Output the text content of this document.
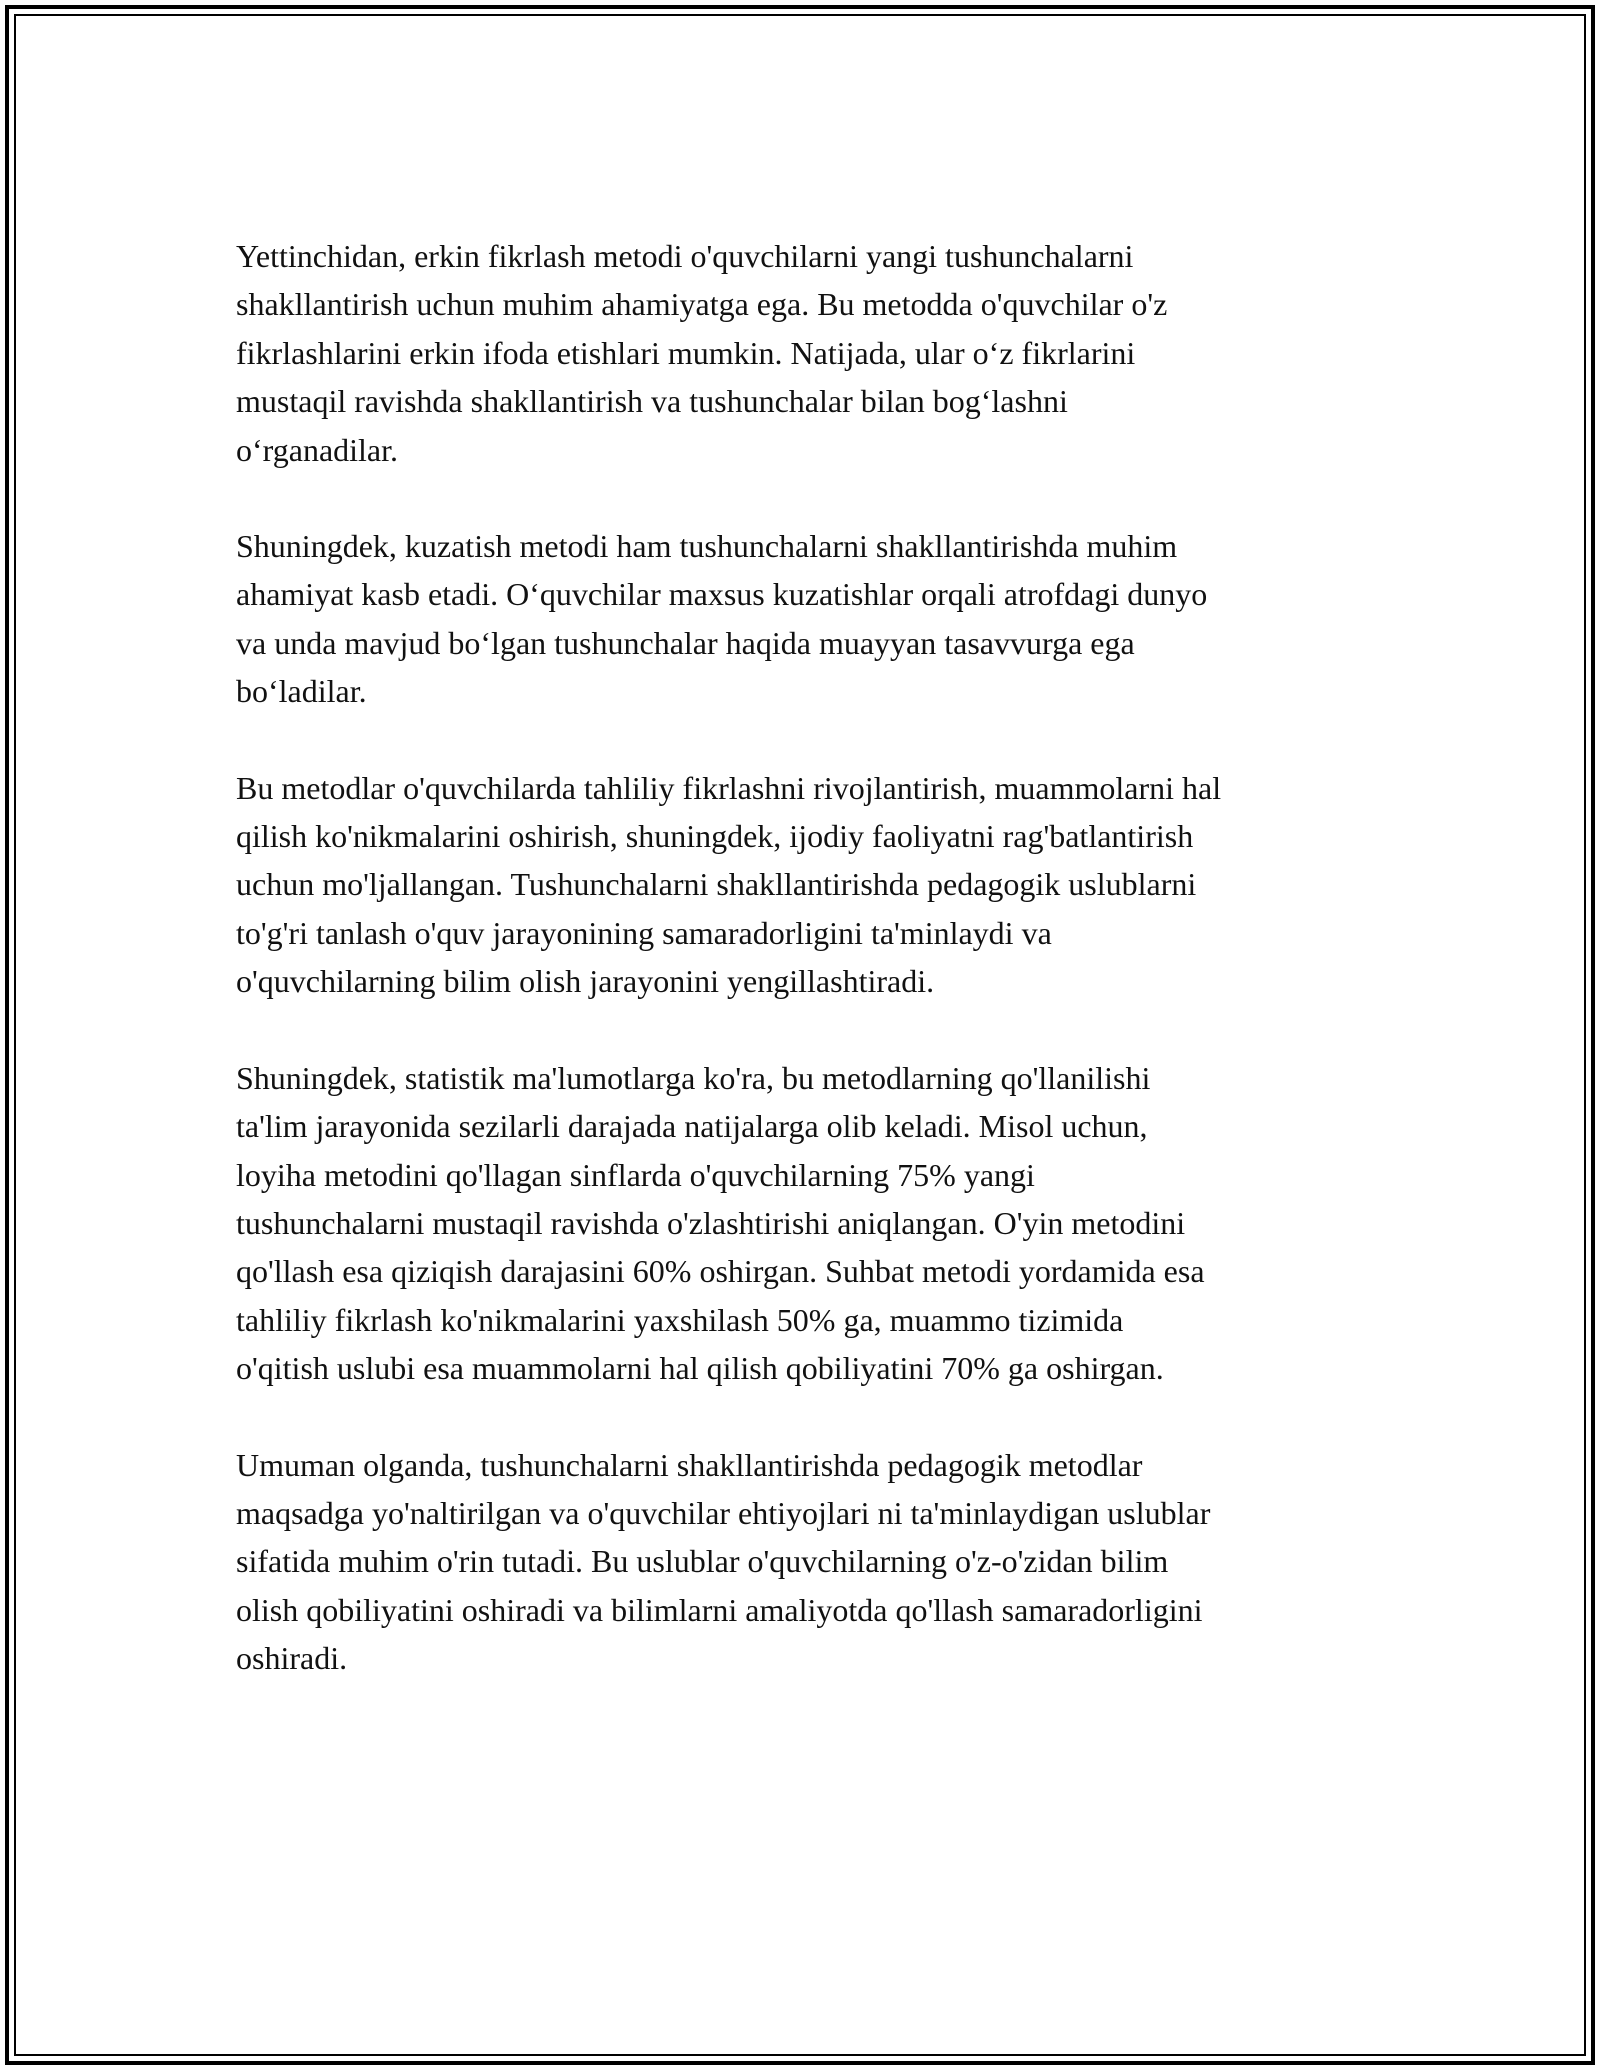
Yettinchidan, erkin fikrlash metodi o'quvchilarni yangi tushunchalarni
shakllantirish uchun muhim ahamiyatga ega. Bu metodda o'quvchilar o'z
fikrlashlarini erkin ifoda etishlari mumkin. Natijada, ular o‘z fikrlarini
mustaqil ravishda shakllantirish va tushunchalar bilan bog‘lashni
o‘rganadilar.

Shuningdek, kuzatish metodi ham tushunchalarni shakllantirishda muhim
ahamiyat kasb etadi. O‘quvchilar maxsus kuzatishlar orqali atrofdagi dunyo
va unda mavjud bo‘lgan tushunchalar haqida muayyan tasavvurga ega
bo‘ladilar.

Bu metodlar o'quvchilarda tahliliy fikrlashni rivojlantirish, muammolarni hal
qilish ko'nikmalarini oshirish, shuningdek, ijodiy faoliyatni rag'batlantirish
uchun mo'ljallangan. Tushunchalarni shakllantirishda pedagogik uslublarni
to'g'ri tanlash o'quv jarayonining samaradorligini ta'minlaydi va
o'quvchilarning bilim olish jarayonini yengillashtiradi.

Shuningdek, statistik ma'lumotlarga ko'ra, bu metodlarning qo'llanilishi
ta'lim jarayonida sezilarli darajada natijalarga olib keladi. Misol uchun,
loyiha metodini qo'llagan sinflarda o'quvchilarning 75% yangi
tushunchalarni mustaqil ravishda o'zlashtirishi aniqlangan. O'yin metodini
qo'llash esa qiziqish darajasini 60% oshirgan. Suhbat metodi yordamida esa
tahliliy fikrlash ko'nikmalarini yaxshilash 50% ga, muammo tizimida
o'qitish uslubi esa muammolarni hal qilish qobiliyatini 70% ga oshirgan.

Umuman olganda, tushunchalarni shakllantirishda pedagogik metodlar
maqsadga yo'naltirilgan va o'quvchilar ehtiyojlari ni ta'minlaydigan uslublar
sifatida muhim o'rin tutadi. Bu uslublar o'quvchilarning o'z-o'zidan bilim
olish qobiliyatini oshiradi va bilimlarni amaliyotda qo'llash samaradorligini
oshiradi.
